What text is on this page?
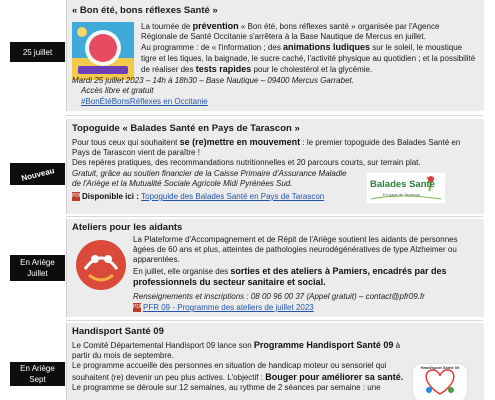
25 juillet
« Bon été, bons réflexes Santé »
La tournée de prévention « Bon été, bons réflexes santé » organisée par l'Agence Régionale de Santé Occitanie s'arrêtera à la Base Nautique de Mercus en juillet.
Au programme : de « l'information ; des animations ludiques sur le soleil, le moustique tigre et les tiques, la baignade, le sucre caché, l'activité physique au quotidien ; et la possibilité de réaliser des tests rapides pour le cholestérol et la glycémie.
Mardi 25 juillet 2023 – 14h à 18h30 – Base Nautique – 09400 Mercus Garrabet.
Accès libre et gratuit
#BonÉtéBonsRéflexes en Occitanie
Nouveau
Topoguide « Balades Santé en Pays de Tarascon »
Pour tous ceux qui souhaitent se (re)mettre en mouvement : le premier topoguide des Balades Santé en Pays de Tarascon vient de paraître !
Des repères pratiques, des recommandations nutritionnelles et 20 parcours courts, sur terrain plat.
Gratuit, grâce au soutien financier de la Caisse Primaire d'Assurance Maladie de l'Ariège et la Mutualité Sociale Agricole Midi Pyrénées Sud.
PDFDisponible ici : Topoguide des Balades Santé en Pays de Tarascon
Balades Santé
En pays de Tarascon
En Ariège
Juillet
Ateliers pour les aidants
La Plateforme d'Accompagnement et de Répit de l'Ariège soutient les aidants de personnes âgées de 60 ans et plus, atteintes de pathologies neurodégénératives de type Alzheimer ou apparentées.
En juillet, elle organise des sorties et des ateliers à Pamiers, encadrés par des professionnels du secteur sanitaire et social.
Renseignements et inscriptions : 08 00 96 00 37 (Appel gratuit) – contact@pfr09.fr
PDFPFR 09 - Programme des ateliers de juillet 2023
En Ariège
Sept
Handisport Santé 09
Le Comité Départemental Handisport 09 lance son Programme Handisport Santé 09 à partir du mois de septembre.
Le programme accueille des personnes en situation de handicap moteur ou sensoriel qui souhaitent (re) devenir un peu plus actives. L'objectif : Bouger pour améliorer sa santé.
Le programme se déroule sur 12 semaines, au rythme de 2 séances par semaine : une
Handisport Santé 09
